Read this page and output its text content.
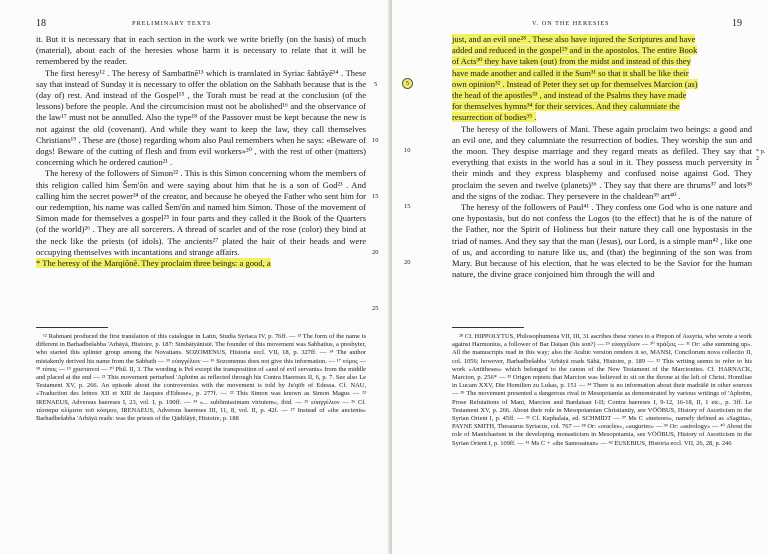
18	PRELIMINARY TEXTS

it. But it is necessary that in each section in the work we write briefly (on the basis) of much (material), about each of the heresies whose harm it is necessary to relate that it will be remembered by the reader.

The first heresy¹² . The heresy of Sambatīnē¹³ which is translated in Syriac šabtāyē¹⁴ . These say that instead of Sunday it is necessary to offer the oblation on the Sabbath because that is the (day of) rest. And instead of the Gospel¹⁵ , the Torah must be read at the conclusion (of the lessons) before the people. And the circumcision must not be abolished¹⁶ and the observance of the law¹⁷ must not be annulled. Also the type¹⁸ of the Passover must be kept because the new is not against the old (covenant). And while they want to keep the law, they call themselves Christians¹⁹ . These are (those) regarding whom also Paul remembers when he says: «Beware of dogs! Beware of the cutting of flesh and from evil workers»²⁰ , with the rest of other (matters) concerning which he ordered caution²¹ .

The heresy of the followers of Simon²² . This is this Simon concerning whom the members of this religion called him Šem'ōn and were saying about him that he is a son of God²³ . And calling him the secret power²⁴ of the creator, and because he obeyed the Father who sent him for our redemption, his name was called Šem'ōn and named him Simon. Those of the movement of Simon made for themselves a gospel²⁵ in four parts and they called it the Book of the Quarters (of the world)²⁶ . They are all sorcerers. A thread of scarlet and of the rose (color) they bind at the neck like the priests (of idols). The ancients²⁷ plated the hair of their heads and were occupying themselves with incantations and strange affairs.

* The heresy of the Marqiōnē. They proclaim three beings: a good, a

5
10
15
20
25

¹² Rahmani produced the first translation of this catalogue in Latin, Studia Syriaca IV, p. 76ff. — ¹³ The form of the name is different in Barhadbešabba 'Arbāyā, Histoire, p. 187: Simbātyānistē. The founder of this movement was Sabbatius, a presbyter, who started this splinter group among the Novatians. SOZOMENUS, Historia eccl. VII, 18, p. 327ff. — ¹⁴ The author mistakenly derived his name from the Sabbath — ¹⁵ εὐαγγέλιον — ¹⁶ Sozomenus does not give this information. — ¹⁷ νόμος — ¹⁸ τύπος — ¹⁹ χριστιανοί — ²⁰ Phil. II, 3. The wording is Peš except the transposition of «and of evil servants» from the middle and placed at the end — ²¹ This movement perturbed 'Aphrēm as reflected through his Contra Haereses II, 6, p. 7. See also Le Testament XV, p. 266. An episode about the controversies with the movement is told by Ju'qōb of Edessa. Cf. NAU, «Traduction des lettres XII et XIII de Jacques d'Edesse», p. 277f. — ²² This Simon was known as Simon Magus — ²³ IRENAEUS, Adversus haereses I, 23, vol. I, p. 190ff. — ²⁴ «... sublimissimam virtutem», ibid. — ²⁵ εὐαγγέλιον — ²⁶ Cf. τέσσαρα κλίματα τοῦ κόσμου, IRENAEUS, Adversus haereses III, 11, 8, vol. II, p. 42f. — ²⁷ Instead of «the ancients» Barhadbešabba 'Arbāyā reads: was the priests of the Qādišāyē, Histoire, p. 188

19
V. ON THE HERESIES

just, and an evil one²⁸ . These also have injured the Scriptures and have

added and reduced in the gospel²⁹ and in the apostolos. The entire Book

of Acts³⁰ they have taken (out) from the midst and instead of this they

have made another and called it the Sum³¹ so that it shall be like their

own opinion³² . Instead of Peter they set up for themselves Marcion (as)

the head of the apostles³³ , and instead of the Psalms they have made

for themselves hymns³⁴ for their services. And they calumniate the

resurrection of bodies³⁵ .

The heresy of the followers of Mani. These again proclaim two beings: a good and an evil one, and they calumniate the resurrection of bodies. They worship the sun and the moon. They despise marriage and they regard meats as defiled. They say that everything that exists in the world has a soul in it. They possess much perversity in their minds and they express blasphemy and confused noise against God. They proclaim the seven and twelve (planets)³⁶ . They say that there are thrums³⁷ and lots³⁸ and the signs of the zodiac. They persevere in the chaldean³⁹ art⁴⁰ .

The heresy of the followers of Paul⁴¹ . They confess one God who is one nature and one hypostasis, but do not confess the Logos (to the effect) that he is of the nature of the Father, nor the Spirit of Holiness but their nature they call one hypostasis in the triad of names. And they say that the man (Jesus), our Lord, is a simple man⁴² , like one of us, and according to nature like us, and (that) the beginning of the son was from Mary. But because of his election, that he was elected to be the Savior for the human nature, the divine grace conjoined him through the will and

5
10
15
20
* p. 2

²⁸ Cf. HIPPOLYTUS, Philosophumena VII, III, 31 ascribes these views to a Prepon of Assyria, who wrote a work against Harmonius, a follower of Bar Daiṣan (his son?) — ²⁹ εὐαγγέλιον — ³⁰ πράξεις — ³¹ Or: «the summing up». All the manuscripts read in this way; also the Arabic version renders it so, MANSI, Concilorum nova collectio II, col. 1056; however, Barhadbešabba 'Arbāyā reads Sāhā, Histoire, p. 189 — ³² This writing seems to refer to his work «Antitheses» which belonged to the canon of the New Testament of the Marcionites. Cf. HARNACK, Marcion, p. 256* — ³³ Origen reports that Marcion was believed to sit on the throne at the left of Christ. Homiliae in Lucam XXV, Die Homilien zu Lukas, p. 151 — ³⁴ There is no information about their madrāšē in other sources — ³⁵ The movement presented a dangerous rival in Mesopotamia as demonstrated by various writings of 'Aphrēm, Prose Refutations of Mani, Marcion and Bardaisan I-II; Contra haereses I, 9-12, 16-18, II, 1 etc., p. 3ff. Le Testament XV, p. 266. About their role in Mesopotamian Christianity, see VÖÖBUS, History of Asceticism in the Syrian Orient I, p. 45ff. — ³⁶ Cf. Kephalaia, ed. SCHMIDT — ³⁷ Ms C «meteors», namely defined as «Sagitta», PAYNE SMITH, Thesaurus Syriacus, col. 767 — ³⁸ Or: «oracles», «auguries» — ³⁹ Or: «astrology» — ⁴⁰ About the role of Manichaeism in the developing monasticism in Mesopotamia, see VÖÖBUS, History of Asceticism in the Syrian Orient I, p. 109ff. — ⁴¹ Ms C + «the Samosatean» — ⁴² EUSEBIUS, Historia eccl. VII, 26, 28, p. 246
